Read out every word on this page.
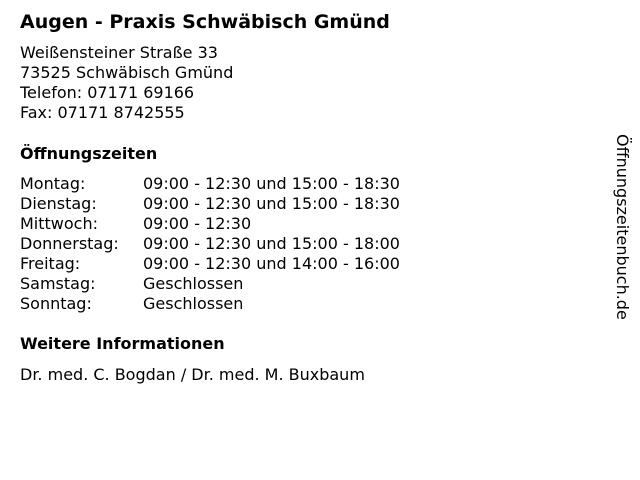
Augen - Praxis Schwäbisch Gmünd
Weißensteiner Straße 33
73525 Schwäbisch Gmünd
Telefon: 07171 69166
Fax: 07171 8742555
Öffnungszeiten
Montag:	09:00 - 12:30 und 15:00 - 18:30
Dienstag:	09:00 - 12:30 und 15:00 - 18:30
Mittwoch:	09:00 - 12:30
Donnerstag:	09:00 - 12:30 und 15:00 - 18:00
Freitag:	09:00 - 12:30 und 14:00 - 16:00
Samstag:	Geschlossen
Sonntag:	Geschlossen
Weitere Informationen
Dr. med. C. Bogdan / Dr. med. M. Buxbaum
Öffnungszeitenbuch.de
